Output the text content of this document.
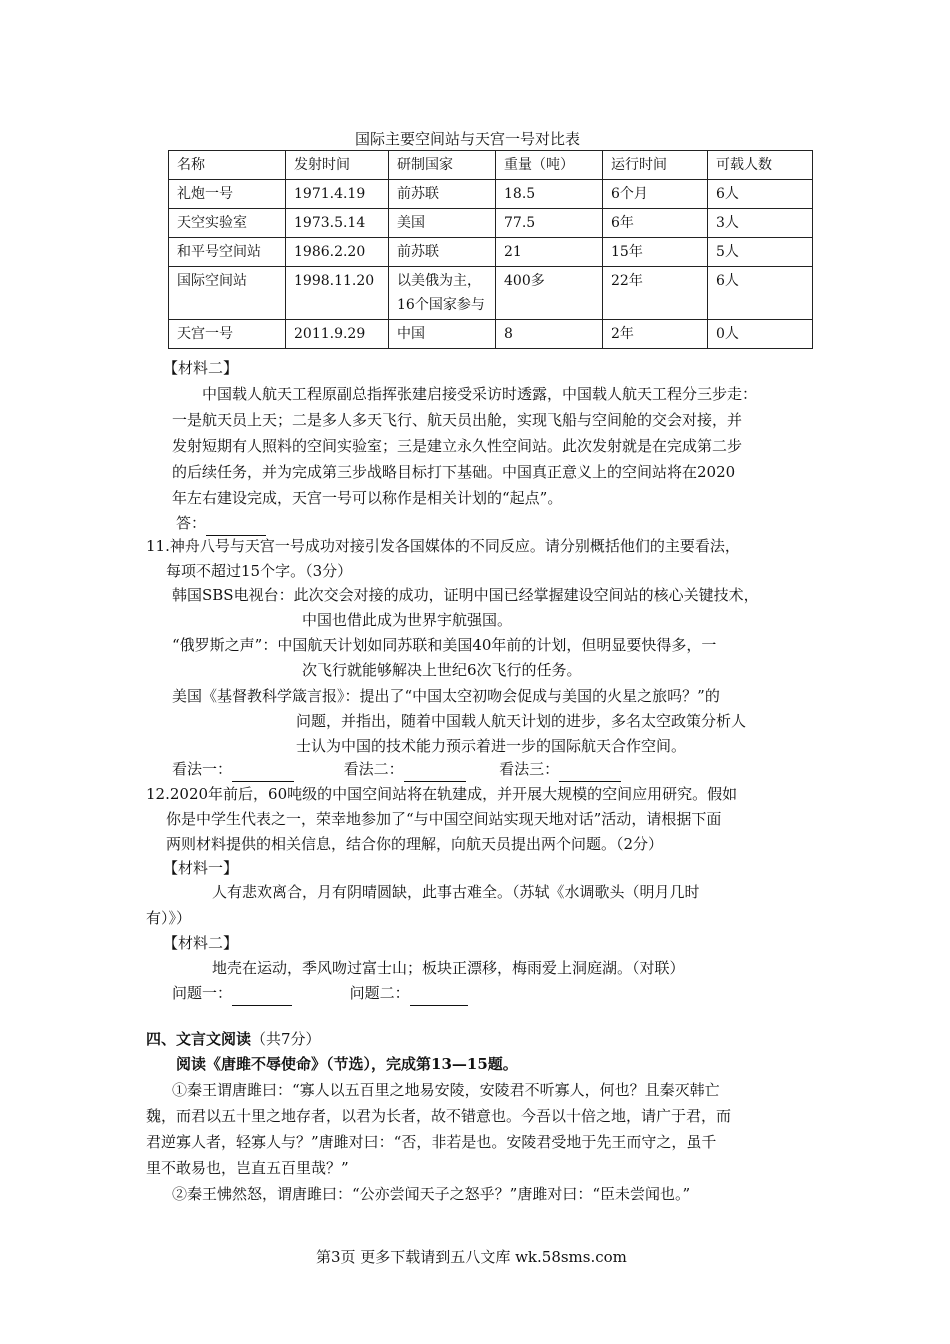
国际主要空间站与天宫一号对比表
名称	发射时间	研制国家	重量（吨）	运行时间	可载人数
礼炮一号	1971.4.19	前苏联	18.5	6个月	6人
天空实验室	1973.5.14	美国	77.5	6年	3人
和平号空间站	1986.2.20	前苏联	21	15年	5人
国际空间站	1998.11.20	以美俄为主，16个国家参与	400多	22年	6人
天宫一号	2011.9.29	中国	8	2年	0人
【材料二】
中国载人航天工程原副总指挥张建启接受采访时透露，中国载人航天工程分三步走：
一是航天员上天；二是多人多天飞行、航天员出舱，实现飞船与空间舱的交会对接，并
发射短期有人照料的空间实验室；三是建立永久性空间站。此次发射就是在完成第二步
的后续任务，并为完成第三步战略目标打下基础。中国真正意义上的空间站将在2020
年左右建设完成，天宫一号可以称作是相关计划的“起点”。
答：
11.神舟八号与天宫一号成功对接引发各国媒体的不同反应。请分别概括他们的主要看法，
每项不超过15个字。（3分）
韩国SBS电视台：此次交会对接的成功，证明中国已经掌握建设空间站的核心关键技术，
中国也借此成为世界宇航强国。
“俄罗斯之声”：中国航天计划如同苏联和美国40年前的计划，但明显要快得多，一
次飞行就能够解决上世纪6次飞行的任务。
美国《基督教科学箴言报》：提出了“中国太空初吻会促成与美国的火星之旅吗？”的
问题，并指出，随着中国载人航天计划的进步，多名太空政策分析人
士认为中国的技术能力预示着进一步的国际航天合作空间。
看法一：	看法二：	看法三：
12.2020年前后，60吨级的中国空间站将在轨建成，并开展大规模的空间应用研究。假如
你是中学生代表之一，荣幸地参加了“与中国空间站实现天地对话”活动，请根据下面
两则材料提供的相关信息，结合你的理解，向航天员提出两个问题。（2分）
【材料一】
人有悲欢离合，月有阴晴圆缺，此事古难全。（苏轼《水调歌头（明月几时
有）》）
【材料二】
地壳在运动，季风吻过富士山；板块正漂移，梅雨爱上洞庭湖。（对联）
问题一：	问题二：
四、文言文阅读（共7分）
阅读《唐雎不辱使命》（节选），完成第13—15题。
①秦王谓唐雎曰：“寡人以五百里之地易安陵，安陵君不听寡人，何也？且秦灭韩亡
魏，而君以五十里之地存者，以君为长者，故不错意也。今吾以十倍之地，请广于君，而
君逆寡人者，轻寡人与？”唐雎对曰：“否，非若是也。安陵君受地于先王而守之，虽千
里不敢易也，岂直五百里哉？”
②秦王怫然怒，谓唐雎曰：“公亦尝闻天子之怒乎？”唐雎对曰：“臣未尝闻也。”
第3页 更多下载请到五八文库 wk.58sms.com
